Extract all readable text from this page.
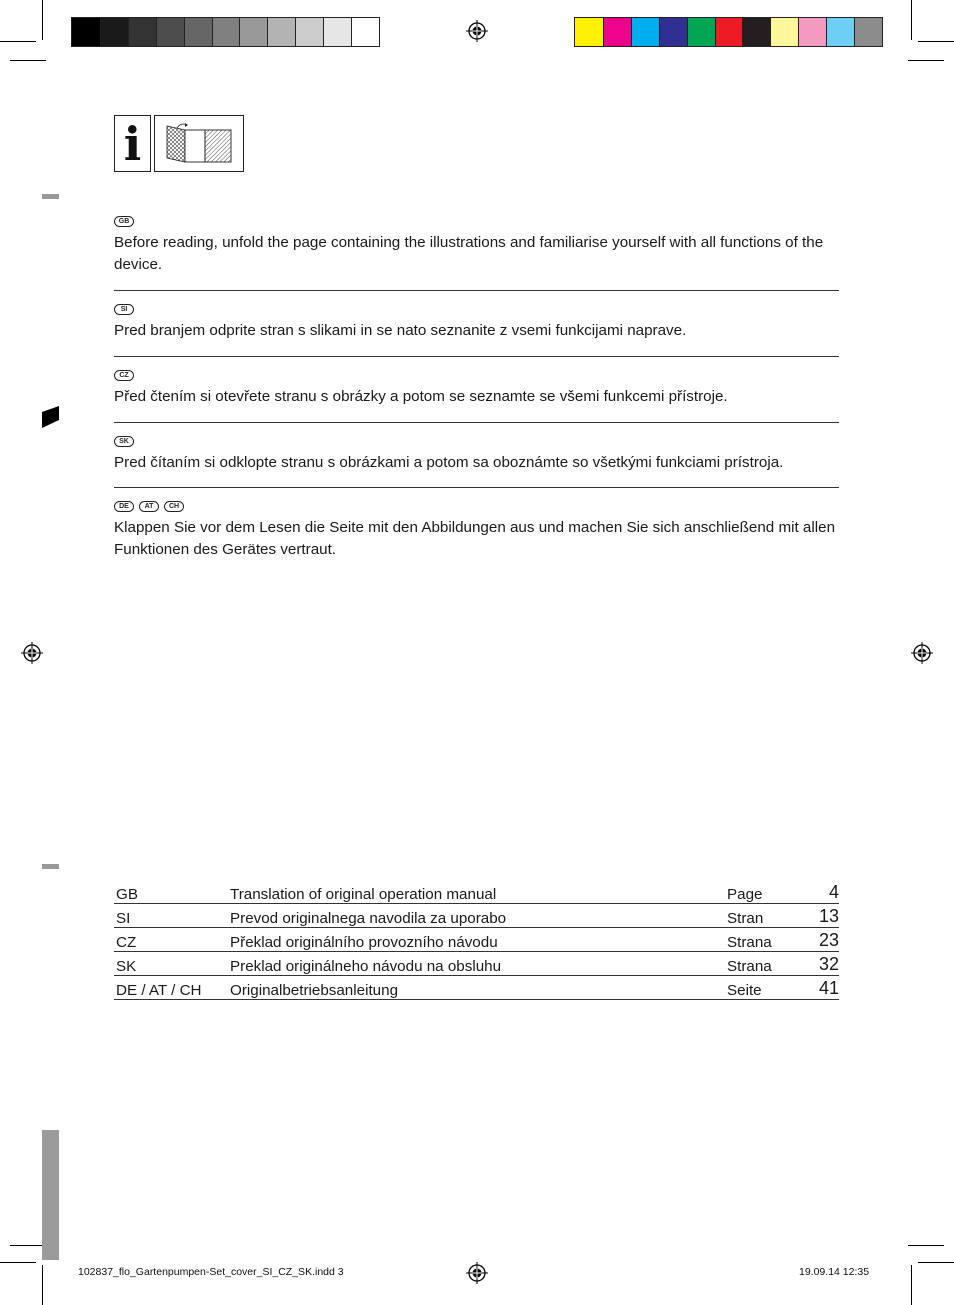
i
GB
Before reading, unfold the page containing the illustrations and familiarise yourself with all functions of the device.
SI
Pred branjem odprite stran s slikami in se nato seznanite z vsemi funkcijami naprave.
CZ
Před čtením si otevřete stranu s obrázky a potom se seznamte se všemi funkcemi přístroje.
SK
Pred čítaním si odklopte stranu s obrázkami a potom sa oboznámte so všetkými funkciami prístroja.
DE	AT	CH
Klappen Sie vor dem Lesen die Seite mit den Abbildungen aus und machen Sie sich anschließend mit allen Funktionen des Gerätes vertraut.
GB	Translation of original operation manual	Page	4
SI	Prevod originalnega navodila za uporabo	Stran	13
CZ	Překlad originálního provozního návodu	Strana	23
SK	Preklad originálneho návodu na obsluhu	Strana	32
DE / AT / CH	Originalbetriebsanleitung	Seite	41
102837_flo_Gartenpumpen-Set_cover_SI_CZ_SK.indd 3	19.09.14 12:35
